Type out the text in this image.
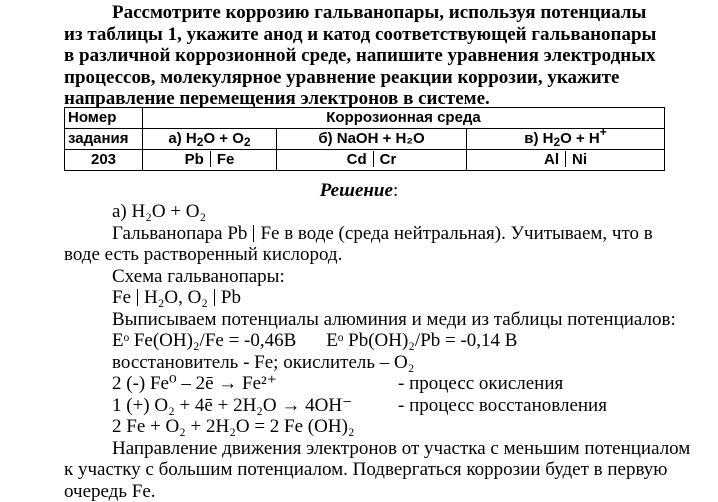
Рассмотрите коррозию гальванопары, используя потенциалы из таблицы 1, укажите анод и катод соответствующей гальванопары в различной коррозионной среде, напишите уравнения электродных процессов, молекулярное уравнение реакции коррозии, укажите направление перемещения электронов в системе.

Номер	Коррозионная среда		
задания	а) $H_2O + O_2$	б) NaOH + H₂O	в) $H_2O + H^+$
203	Pb Fe	Cd Cr	Al Ni
Решение:
а) H₂O + O₂
Гальванопара Pb Fe в воде (среда нейтральная). Учитываем, что в
воде есть растворенный кислород.
Схема гальванопары:
Fe H₂O, O₂ Pb
Выписываем потенциалы алюминия и меди из таблицы потенциалов:
Eᵒ Fe(OH)₂/Fe = -0,46В Eᵒ Pb(OH)₂/Pb = -0,14 В
восстановитель - Fe; окислитель – O₂
2 (-) Fe⁰ – 2ē → Fe²⁺	- процесс окисления
1 (+) O₂ + 4ē + 2H₂O → 4OH⁻ - процесс восстановления
2 Fe + O₂ + 2H₂O = 2 Fe (OH)₂
Направление движения электронов от участка с меньшим потенциалом
к участку с большим потенциалом. Подвергаться коррозии будет в первую
очередь Fe.
